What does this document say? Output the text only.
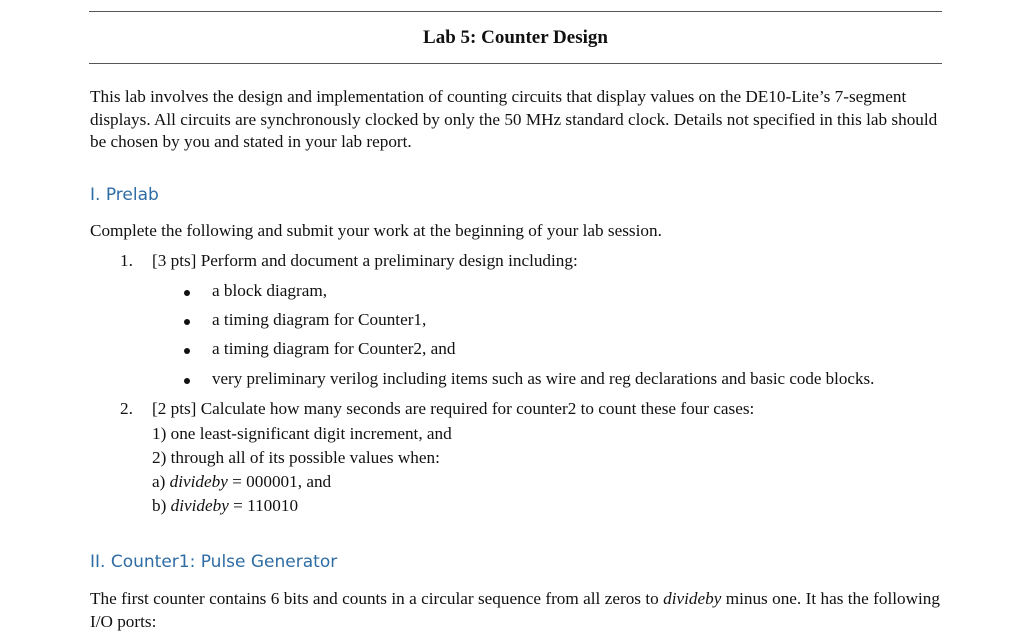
Lab 5: Counter Design
This lab involves the design and implementation of counting circuits that display values on the DE10-Lite’s 7-segment displays. All circuits are synchronously clocked by only the 50 MHz standard clock. Details not specified in this lab should be chosen by you and stated in your lab report.
I. Prelab
Complete the following and submit your work at the beginning of your lab session.
1. [3 pts] Perform and document a preliminary design including:
a block diagram,
a timing diagram for Counter1,
a timing diagram for Counter2, and
very preliminary verilog including items such as wire and reg declarations and basic code blocks.
2. [2 pts] Calculate how many seconds are required for counter2 to count these four cases:
1) one least-significant digit increment, and
2) through all of its possible values when:
a) divideby = 000001, and
b) divideby = 110010
II. Counter1: Pulse Generator
The first counter contains 6 bits and counts in a circular sequence from all zeros to divideby minus one. It has the following I/O ports:
